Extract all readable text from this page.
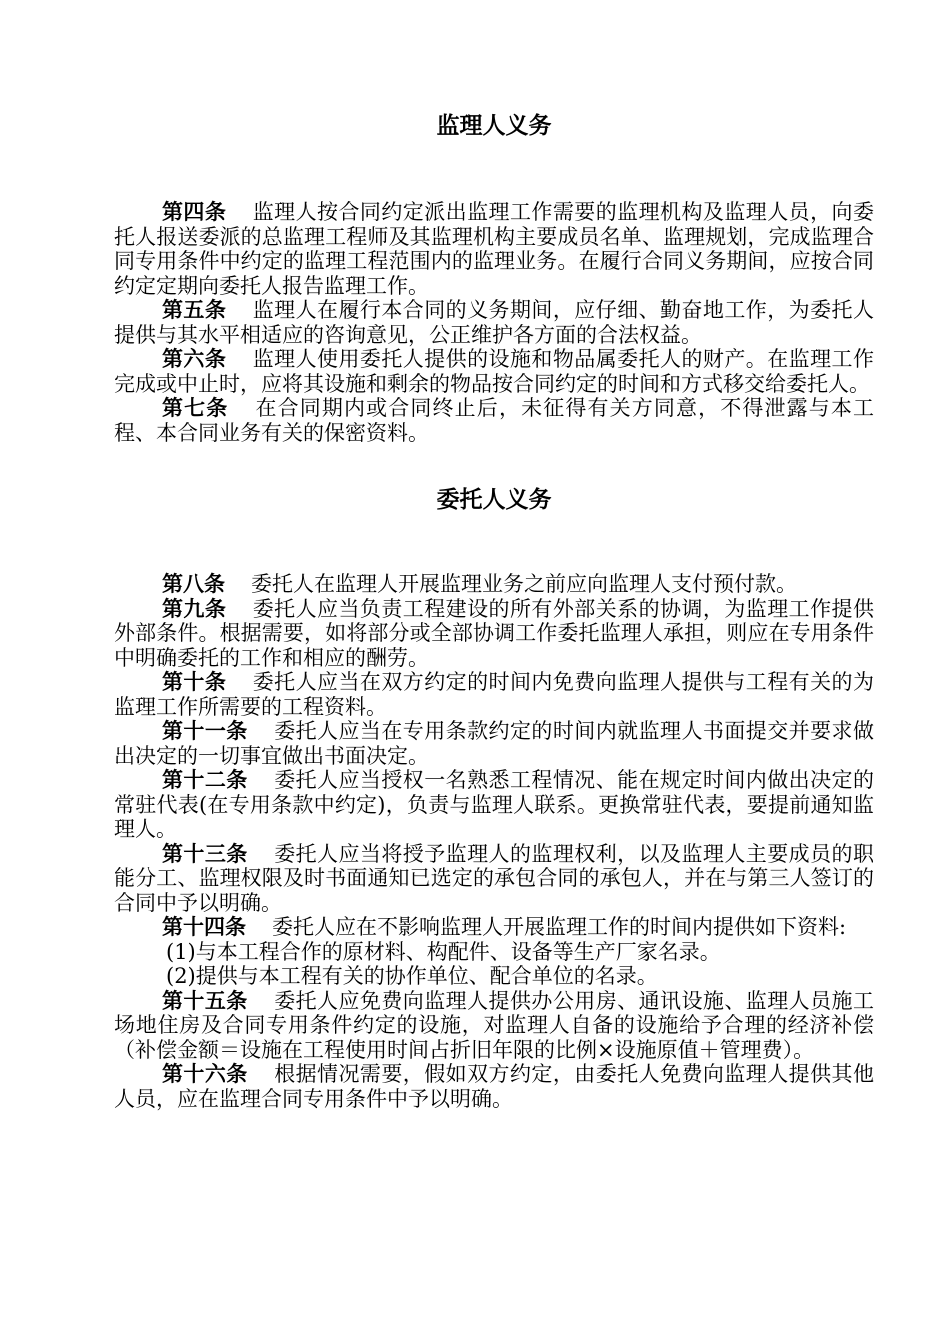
监理人义务

第四条 监理人按合同约定派出监理工作需要的监理机构及监理人员，向委托人报送委派的总监理工程师及其监理机构主要成员名单、监理规划，完成监理合同专用条件中约定的监理工程范围内的监理业务。在履行合同义务期间，应按合同约定定期向委托人报告监理工作。

第五条 监理人在履行本合同的义务期间，应仔细、勤奋地工作，为委托人提供与其水平相适应的咨询意见，公正维护各方面的合法权益。

第六条 监理人使用委托人提供的设施和物品属委托人的财产。在监理工作完成或中止时，应将其设施和剩余的物品按合同约定的时间和方式移交给委托人。

第七条 在合同期内或合同终止后，未征得有关方同意，不得泄露与本工程、本合同业务有关的保密资料。

委托人义务

第八条 委托人在监理人开展监理业务之前应向监理人支付预付款。

第九条 委托人应当负责工程建设的所有外部关系的协调，为监理工作提供外部条件。根据需要，如将部分或全部协调工作委托监理人承担，则应在专用条件中明确委托的工作和相应的酬劳。

第十条 委托人应当在双方约定的时间内免费向监理人提供与工程有关的为监理工作所需要的工程资料。

第十一条 委托人应当在专用条款约定的时间内就监理人书面提交并要求做出决定的一切事宜做出书面决定。

第十二条 委托人应当授权一名熟悉工程情况、能在规定时间内做出决定的常驻代表(在专用条款中约定)，负责与监理人联系。更换常驻代表，要提前通知监理人。

第十三条 委托人应当将授予监理人的监理权利，以及监理人主要成员的职能分工、监理权限及时书面通知已选定的承包合同的承包人，并在与第三人签订的合同中予以明确。

第十四条 委托人应在不影响监理人开展监理工作的时间内提供如下资料:

(1)与本工程合作的原材料、构配件、设备等生产厂家名录。

(2)提供与本工程有关的协作单位、配合单位的名录。

第十五条 委托人应免费向监理人提供办公用房、通讯设施、监理人员施工场地住房及合同专用条件约定的设施，对监理人自备的设施给予合理的经济补偿（补偿金额＝设施在工程使用时间占折旧年限的比例×设施原值＋管理费）。

第十六条 根据情况需要，假如双方约定，由委托人免费向监理人提供其他人员，应在监理合同专用条件中予以明确。
